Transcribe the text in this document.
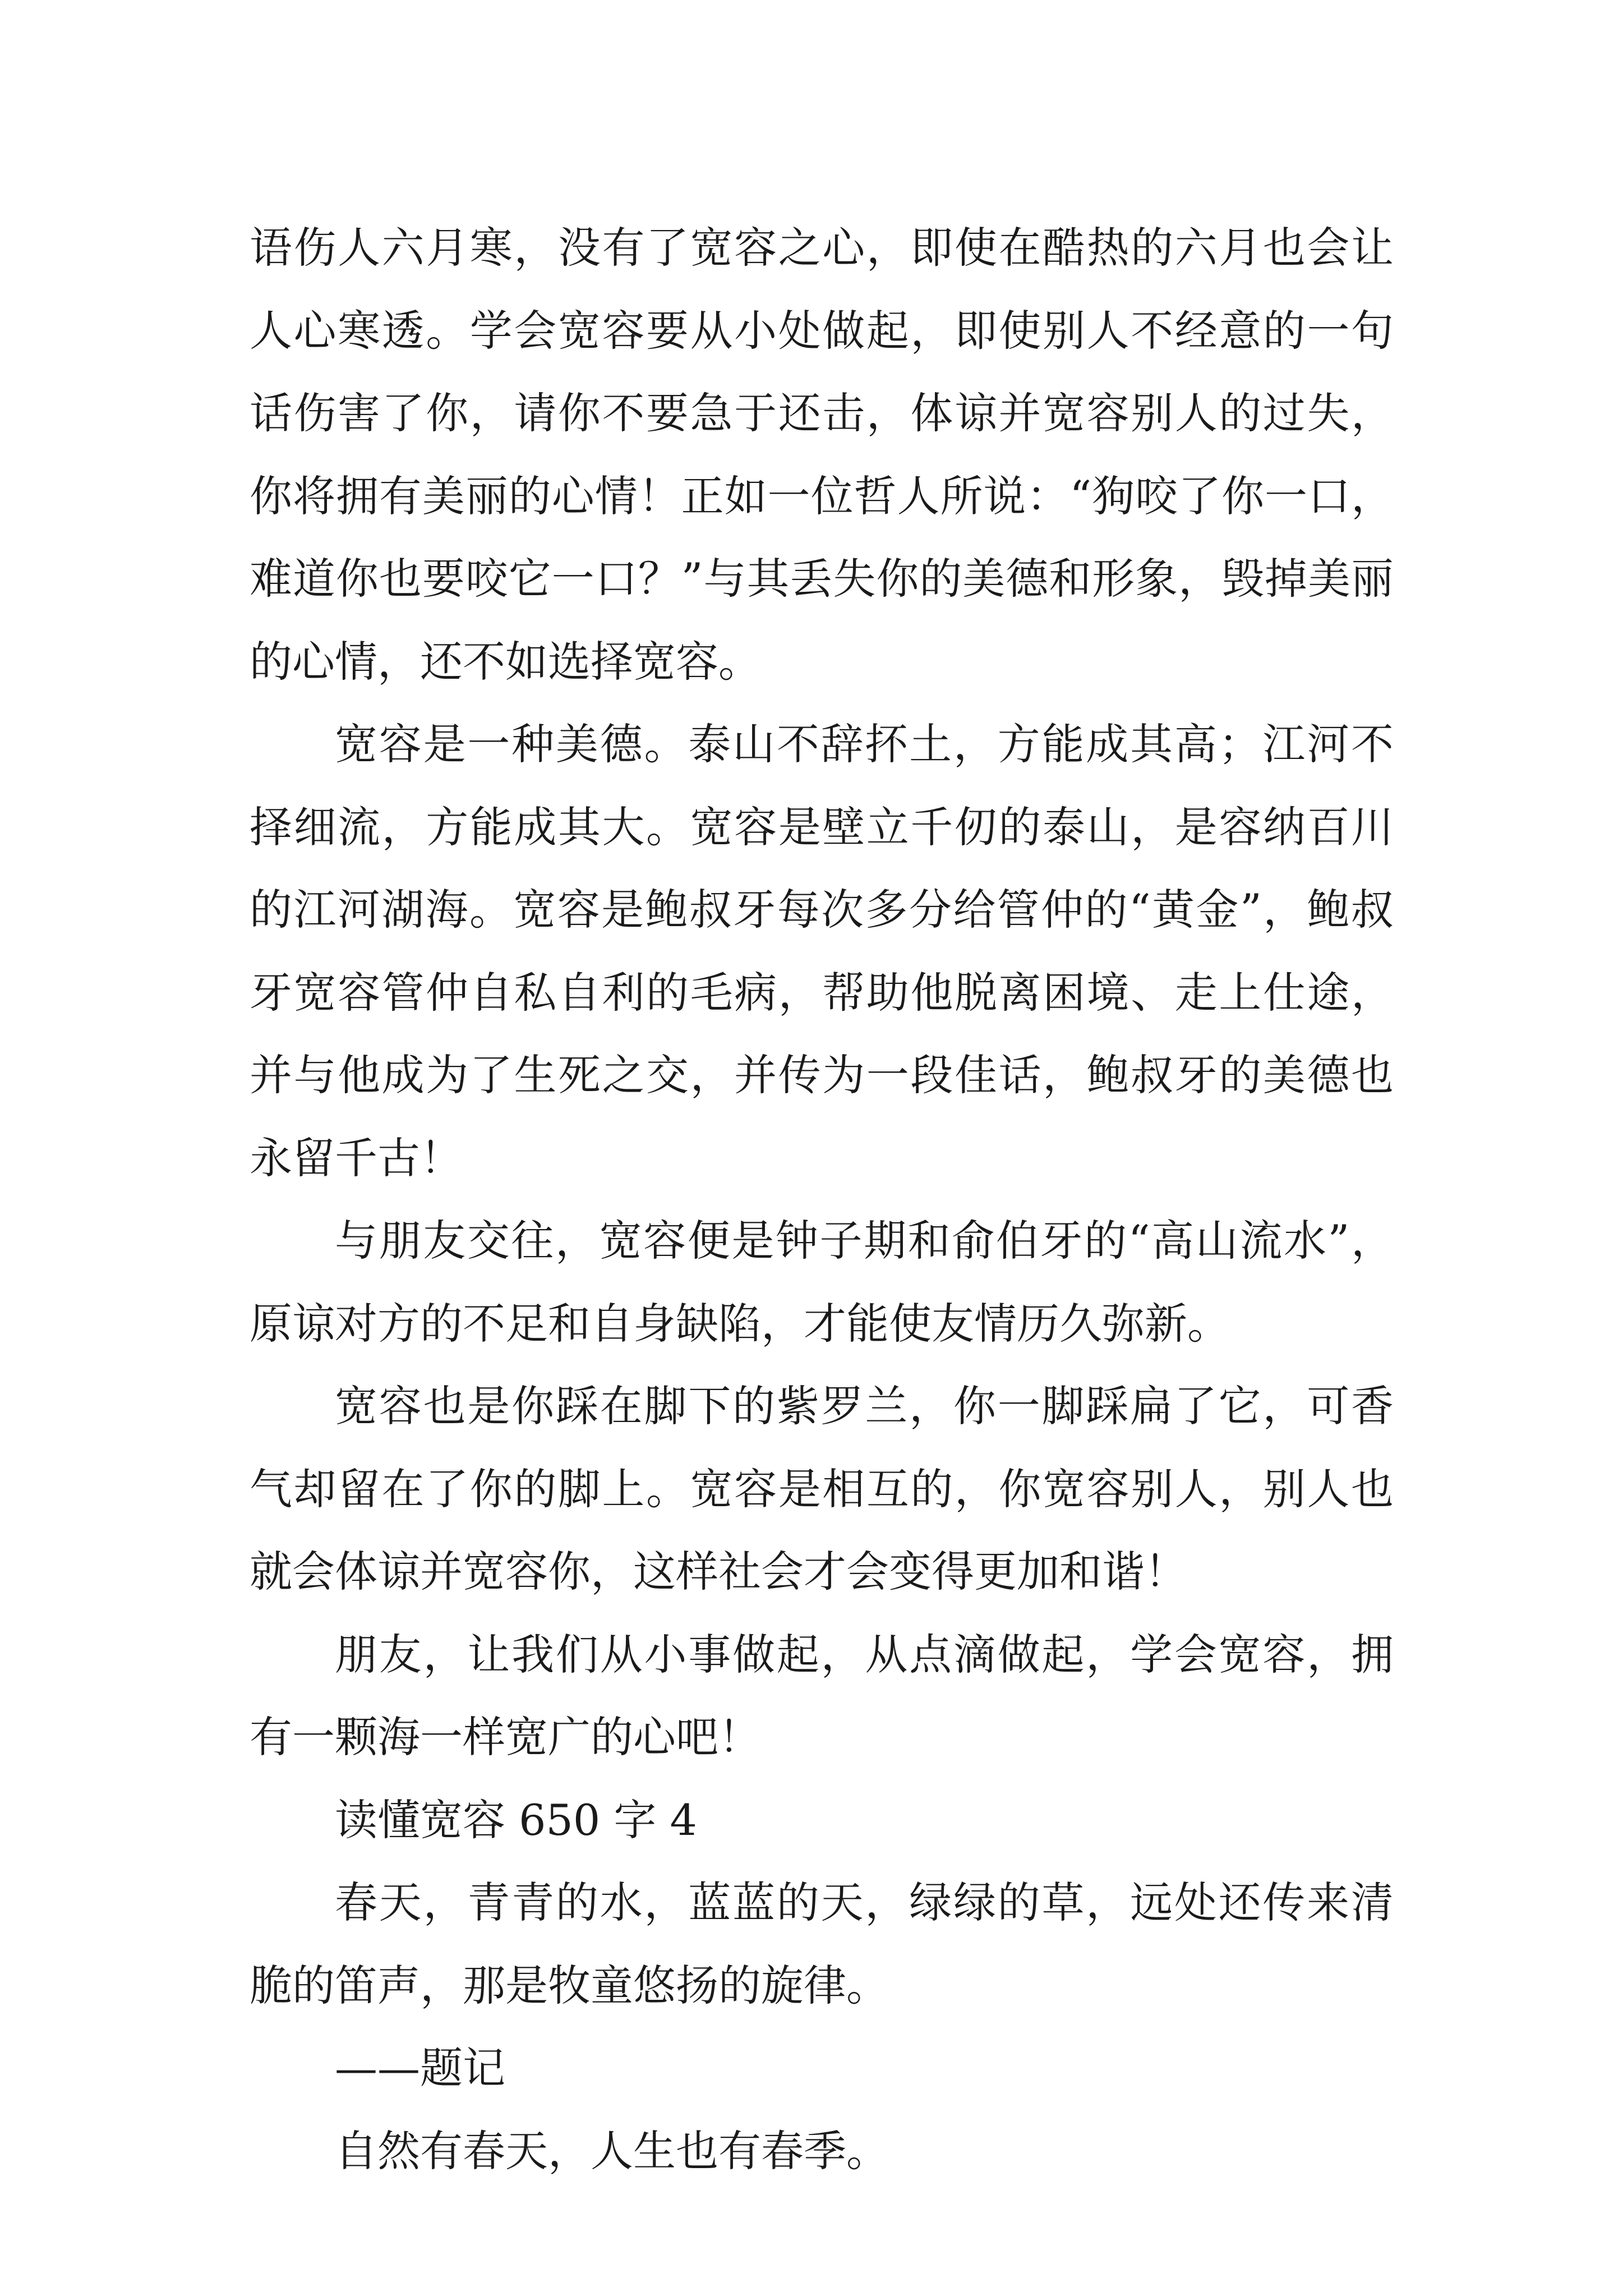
语伤人六月寒，没有了宽容之心，即使在酷热的六月也会让人心寒透。学会宽容要从小处做起，即使别人不经意的一句话伤害了你，请你不要急于还击，体谅并宽容别人的过失，你将拥有美丽的心情！正如一位哲人所说：“狗咬了你一口，难道你也要咬它一口？”与其丢失你的美德和形象，毁掉美丽的心情，还不如选择宽容。

宽容是一种美德。泰山不辞抔土，方能成其高；江河不择细流，方能成其大。宽容是壁立千仞的泰山，是容纳百川的江河湖海。宽容是鲍叔牙每次多分给管仲的“黄金”，鲍叔牙宽容管仲自私自利的毛病，帮助他脱离困境、走上仕途，并与他成为了生死之交，并传为一段佳话，鲍叔牙的美德也永留千古！

与朋友交往，宽容便是钟子期和俞伯牙的“高山流水”，原谅对方的不足和自身缺陷，才能使友情历久弥新。

宽容也是你踩在脚下的紫罗兰，你一脚踩扁了它，可香气却留在了你的脚上。宽容是相互的，你宽容别人，别人也就会体谅并宽容你，这样社会才会变得更加和谐！

朋友，让我们从小事做起，从点滴做起，学会宽容，拥有一颗海一样宽广的心吧！

读懂宽容 650 字 4

春天，青青的水，蓝蓝的天，绿绿的草，远处还传来清脆的笛声，那是牧童悠扬的旋律。

——题记

自然有春天，人生也有春季。
